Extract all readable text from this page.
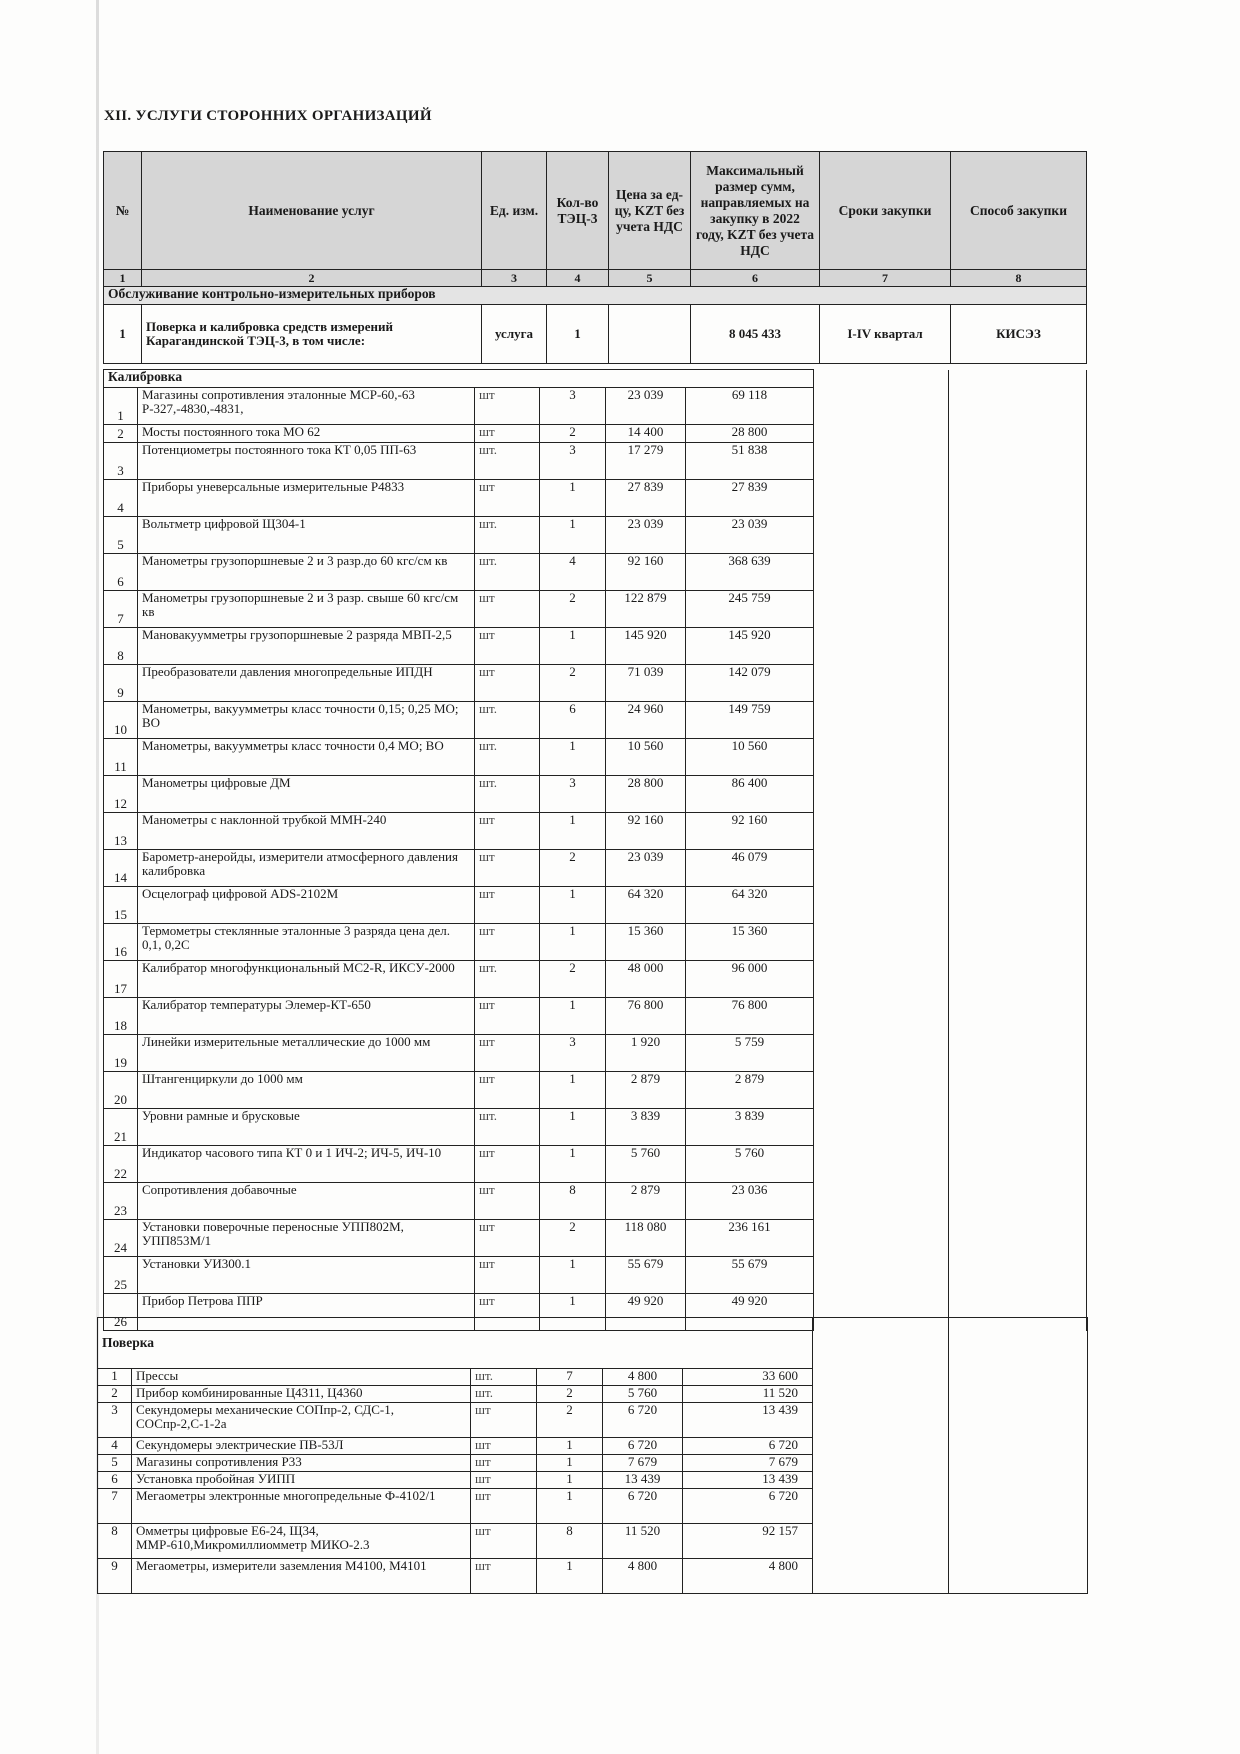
XII. УСЛУГИ СТОРОННИХ ОРГАНИЗАЦИЙ
№	Наименование услуг	Ед. изм.	Кол-во ТЭЦ-3	Цена за ед-цу, KZT без учета НДС	Максимальный размер сумм, направляемых на закупку в 2022 году, KZT без учета НДС	Сроки закупки	Способ закупки
1	2	3	4	5	6	7	8
Обслуживание контрольно-измерительных приборов							
1	Поверка и калибровка средств измерений Карагандинской ТЭЦ-3, в том числе:	услуга	1		8 045 433	I-IV квартал	КИСЭЗ
Калибровка							
1	Магазины сопротивления эталонные МСР-60,-63 Р-327,-4830,-4831,	шт	3	23 039	69 118		
2	Мосты постоянного тока МО 62	шт	2	14 400	28 800		
3	Потенциометры постоянного тока КТ 0,05 ПП-63	шт.	3	17 279	51 838		
4	Приборы уневерсальные измерительные Р4833	шт	1	27 839	27 839		
5	Вольтметр цифровой Щ304-1	шт.	1	23 039	23 039		
6	Манометры грузопоршневые 2 и 3 разр.до 60 кгс/см кв	шт.	4	92 160	368 639		
7	Манометры грузопоршневые 2 и 3 разр. свыше 60 кгс/см кв	шт	2	122 879	245 759		
8	Мановакуумметры грузопоршневые 2 разряда МВП-2,5	шт	1	145 920	145 920		
9	Преобразователи давления многопредельные ИПДН	шт	2	71 039	142 079		
10	Манометры, вакуумметры класс точности 0,15; 0,25 МО; ВО	шт.	6	24 960	149 759		
11	Манометры, вакуумметры класс точности 0,4 МО; ВО	шт.	1	10 560	10 560		
12	Манометры цифровые ДМ	шт.	3	28 800	86 400		
13	Манометры с наклонной трубкой ММН-240	шт	1	92 160	92 160		
14	Барометр-анеройды, измерители атмосферного давления калибровка	шт	2	23 039	46 079		
15	Осцелограф цифровой ADS-2102M	шт	1	64 320	64 320		
16	Термометры стеклянные эталонные 3 разряда цена дел. 0,1, 0,2С	шт	1	15 360	15 360		
17	Калибратор многофункциональный МС2-R, ИКСУ-2000	шт.	2	48 000	96 000		
18	Калибратор температуры Элемер-КТ-650	шт	1	76 800	76 800		
19	Линейки измерительные металлические до 1000 мм	шт	3	1 920	5 759		
20	Штангенциркули до 1000 мм	шт	1	2 879	2 879		
21	Уровни рамные и брусковые	шт.	1	3 839	3 839		
22	Индикатор часового типа КТ 0 и 1 ИЧ-2; ИЧ-5, ИЧ-10	шт	1	5 760	5 760		
23	Сопротивления добавочные	шт	8	2 879	23 036		
24	Установки поверочные переносные УПП802М, УПП853М/1	шт	2	118 080	236 161		
25	Установки УИ300.1	шт	1	55 679	55 679		
26	Прибор Петрова ППР	шт	1	49 920	49 920		
Поверка							
1	Прессы	шт.	7	4 800	33 600		
2	Прибор комбинированные Ц4311, Ц4360	шт.	2	5 760	11 520		
3	Секундомеры механические СОПпр-2, СДС-1, СОСпр-2,С-1-2а	шт	2	6 720	13 439		
4	Секундомеры электрические ПВ-53Л	шт	1	6 720	6 720		
5	Магазины сопротивления Р33	шт	1	7 679	7 679		
6	Установка пробойная УИПП	шт	1	13 439	13 439		
7	Мегаометры электронные многопредельные Ф-4102/1	шт	1	6 720	6 720		
8	Омметры цифровые Е6-24, Щ34, ММР-610,Микромиллиомметр МИКО-2.3	шт	8	11 520	92 157		
9	Мегаометры, измерители заземления М4100, М4101	шт	1	4 800	4 800		
